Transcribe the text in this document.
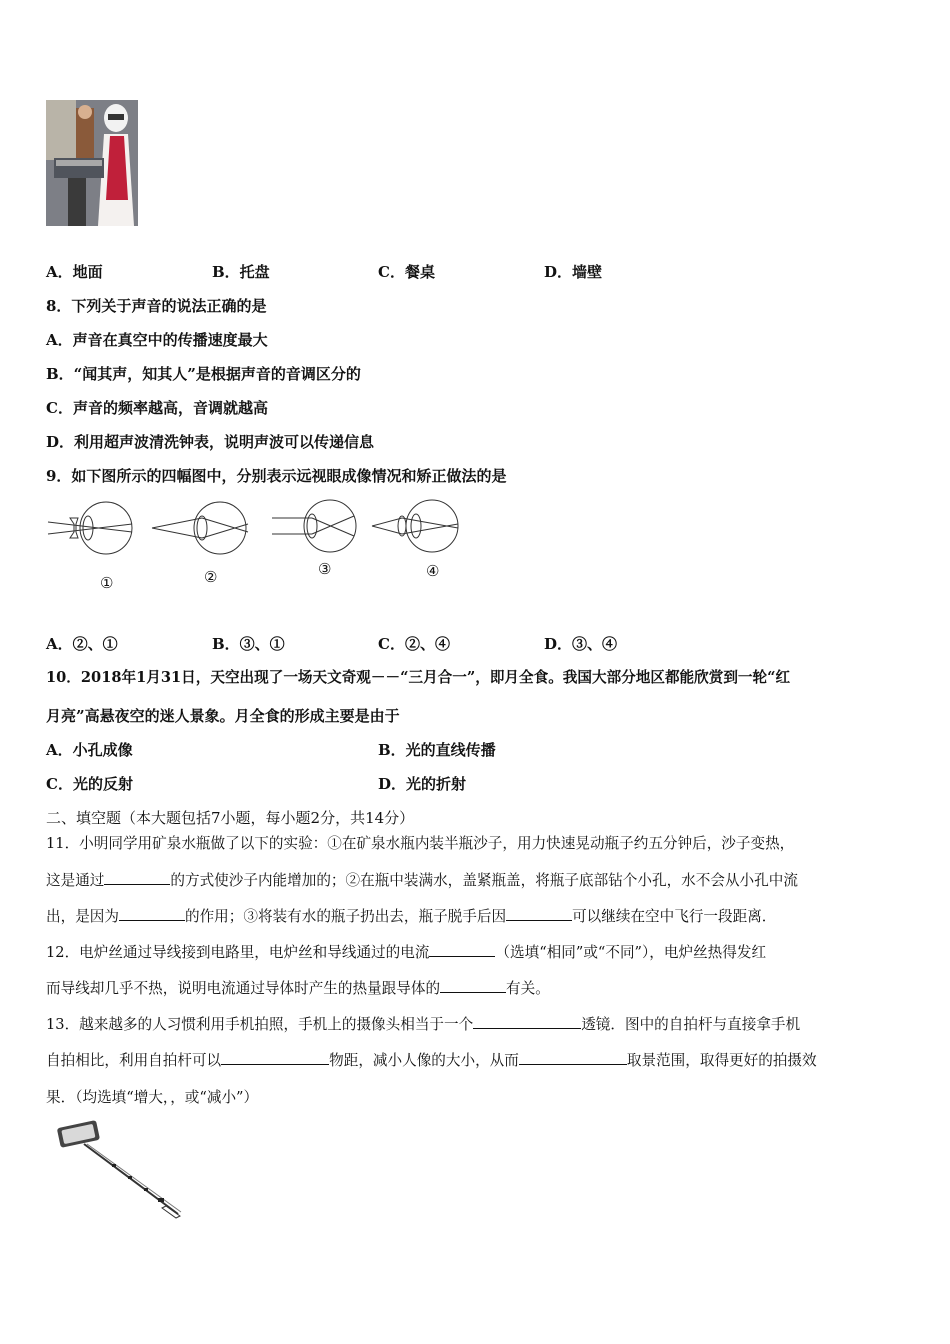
A．地面	B．托盘	C．餐桌	D．墙壁
8．下列关于声音的说法正确的是
A．声音在真空中的传播速度最大
B．“闻其声，知其人”是根据声音的音调区分的
C．声音的频率越高，音调就越高
D．利用超声波清洗钟表，说明声波可以传递信息
9．如下图所示的四幅图中，分别表示远视眼成像情况和矫正做法的是
①	②	③	④
A．②、①	B．③、①	C．②、④	D．③、④
10．2018年1月31日，天空出现了一场天文奇观－－“三月合一”，即月全食。我国大部分地区都能欣赏到一轮“红
月亮”高悬夜空的迷人景象。月全食的形成主要是由于
A．小孔成像	B．光的直线传播
C．光的反射	D．光的折射
二、填空题（本大题包括7小题，每小题2分，共14分）
11．小明同学用矿泉水瓶做了以下的实验：①在矿泉水瓶内装半瓶沙子，用力快速晃动瓶子约五分钟后，沙子变热，
这是通过	的方式使沙子内能增加的；②在瓶中装满水，盖紧瓶盖，将瓶子底部钻个小孔，水不会从小孔中流
出，是因为	的作用；③将装有水的瓶子扔出去，瓶子脱手后因	可以继续在空中飞行一段距离．
12．电炉丝通过导线接到电路里，电炉丝和导线通过的电流	（选填“相同”或“不同”），电炉丝热得发红
而导线却几乎不热，说明电流通过导体时产生的热量跟导体的	有关。
13．越来越多的人习惯利用手机拍照，手机上的摄像头相当于一个	透镜．图中的自拍杆与直接拿手机
自拍相比，利用自拍杆可以	物距，减小人像的大小，从而	取景范围，取得更好的拍摄效
果．（均选填“增大，，或“减小”）
